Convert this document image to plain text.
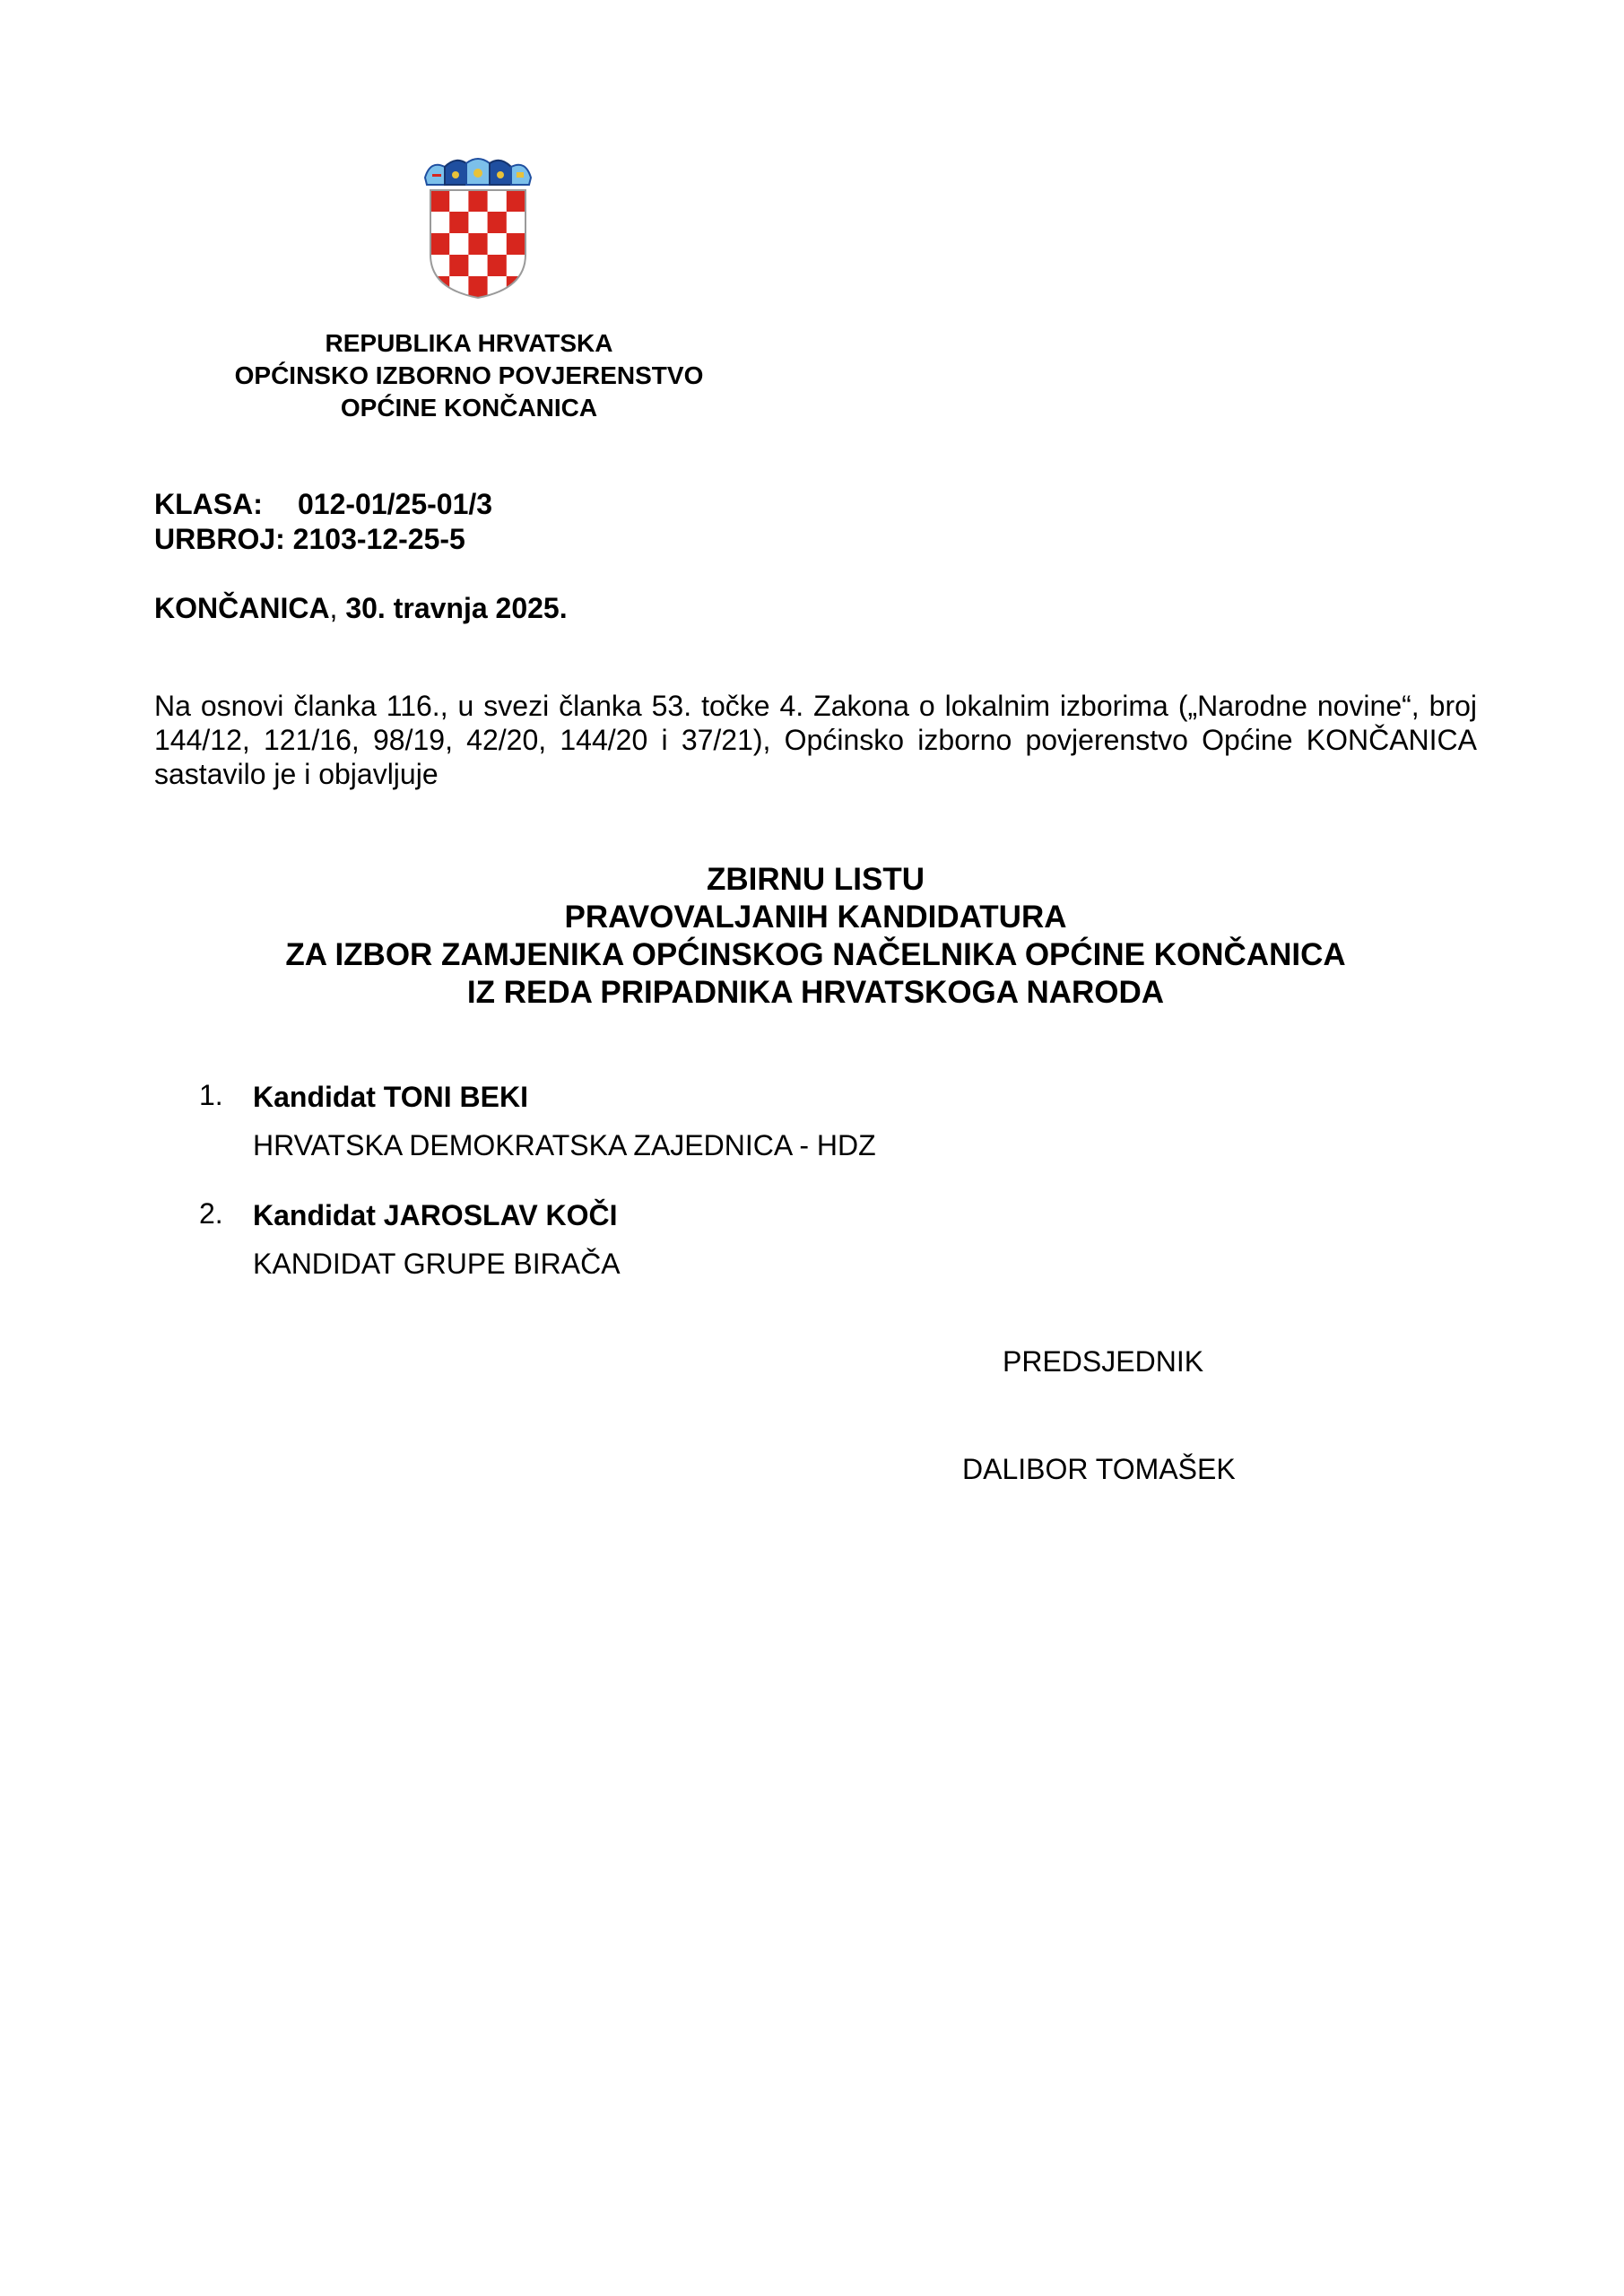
REPUBLIKA HRVATSKA
OPĆINSKO IZBORNO POVJERENSTVO
OPĆINE KONČANICA
KLASA: 012-01/25-01/3
URBROJ: 2103-12-25-5
KONČANICA, 30. travnja 2025.
Na osnovi članka 116., u svezi članka 53. točke 4. Zakona o lokalnim izborima („Narodne novine“, broj 144/12, 121/16, 98/19, 42/20, 144/20 i 37/21), Općinsko izborno povjerenstvo Općine KONČANICA sastavilo je i objavljuje
ZBIRNU LISTU
PRAVOVALJANIH KANDIDATURA
ZA IZBOR ZAMJENIKA OPĆINSKOG NAČELNIKA OPĆINE KONČANICA
IZ REDA PRIPADNIKA HRVATSKOGA NARODA
1.	Kandidat TONI BEKI
HRVATSKA DEMOKRATSKA ZAJEDNICA - HDZ
2.	Kandidat JAROSLAV KOČI
KANDIDAT GRUPE BIRAČA
PREDSJEDNIK
DALIBOR TOMAŠEK
